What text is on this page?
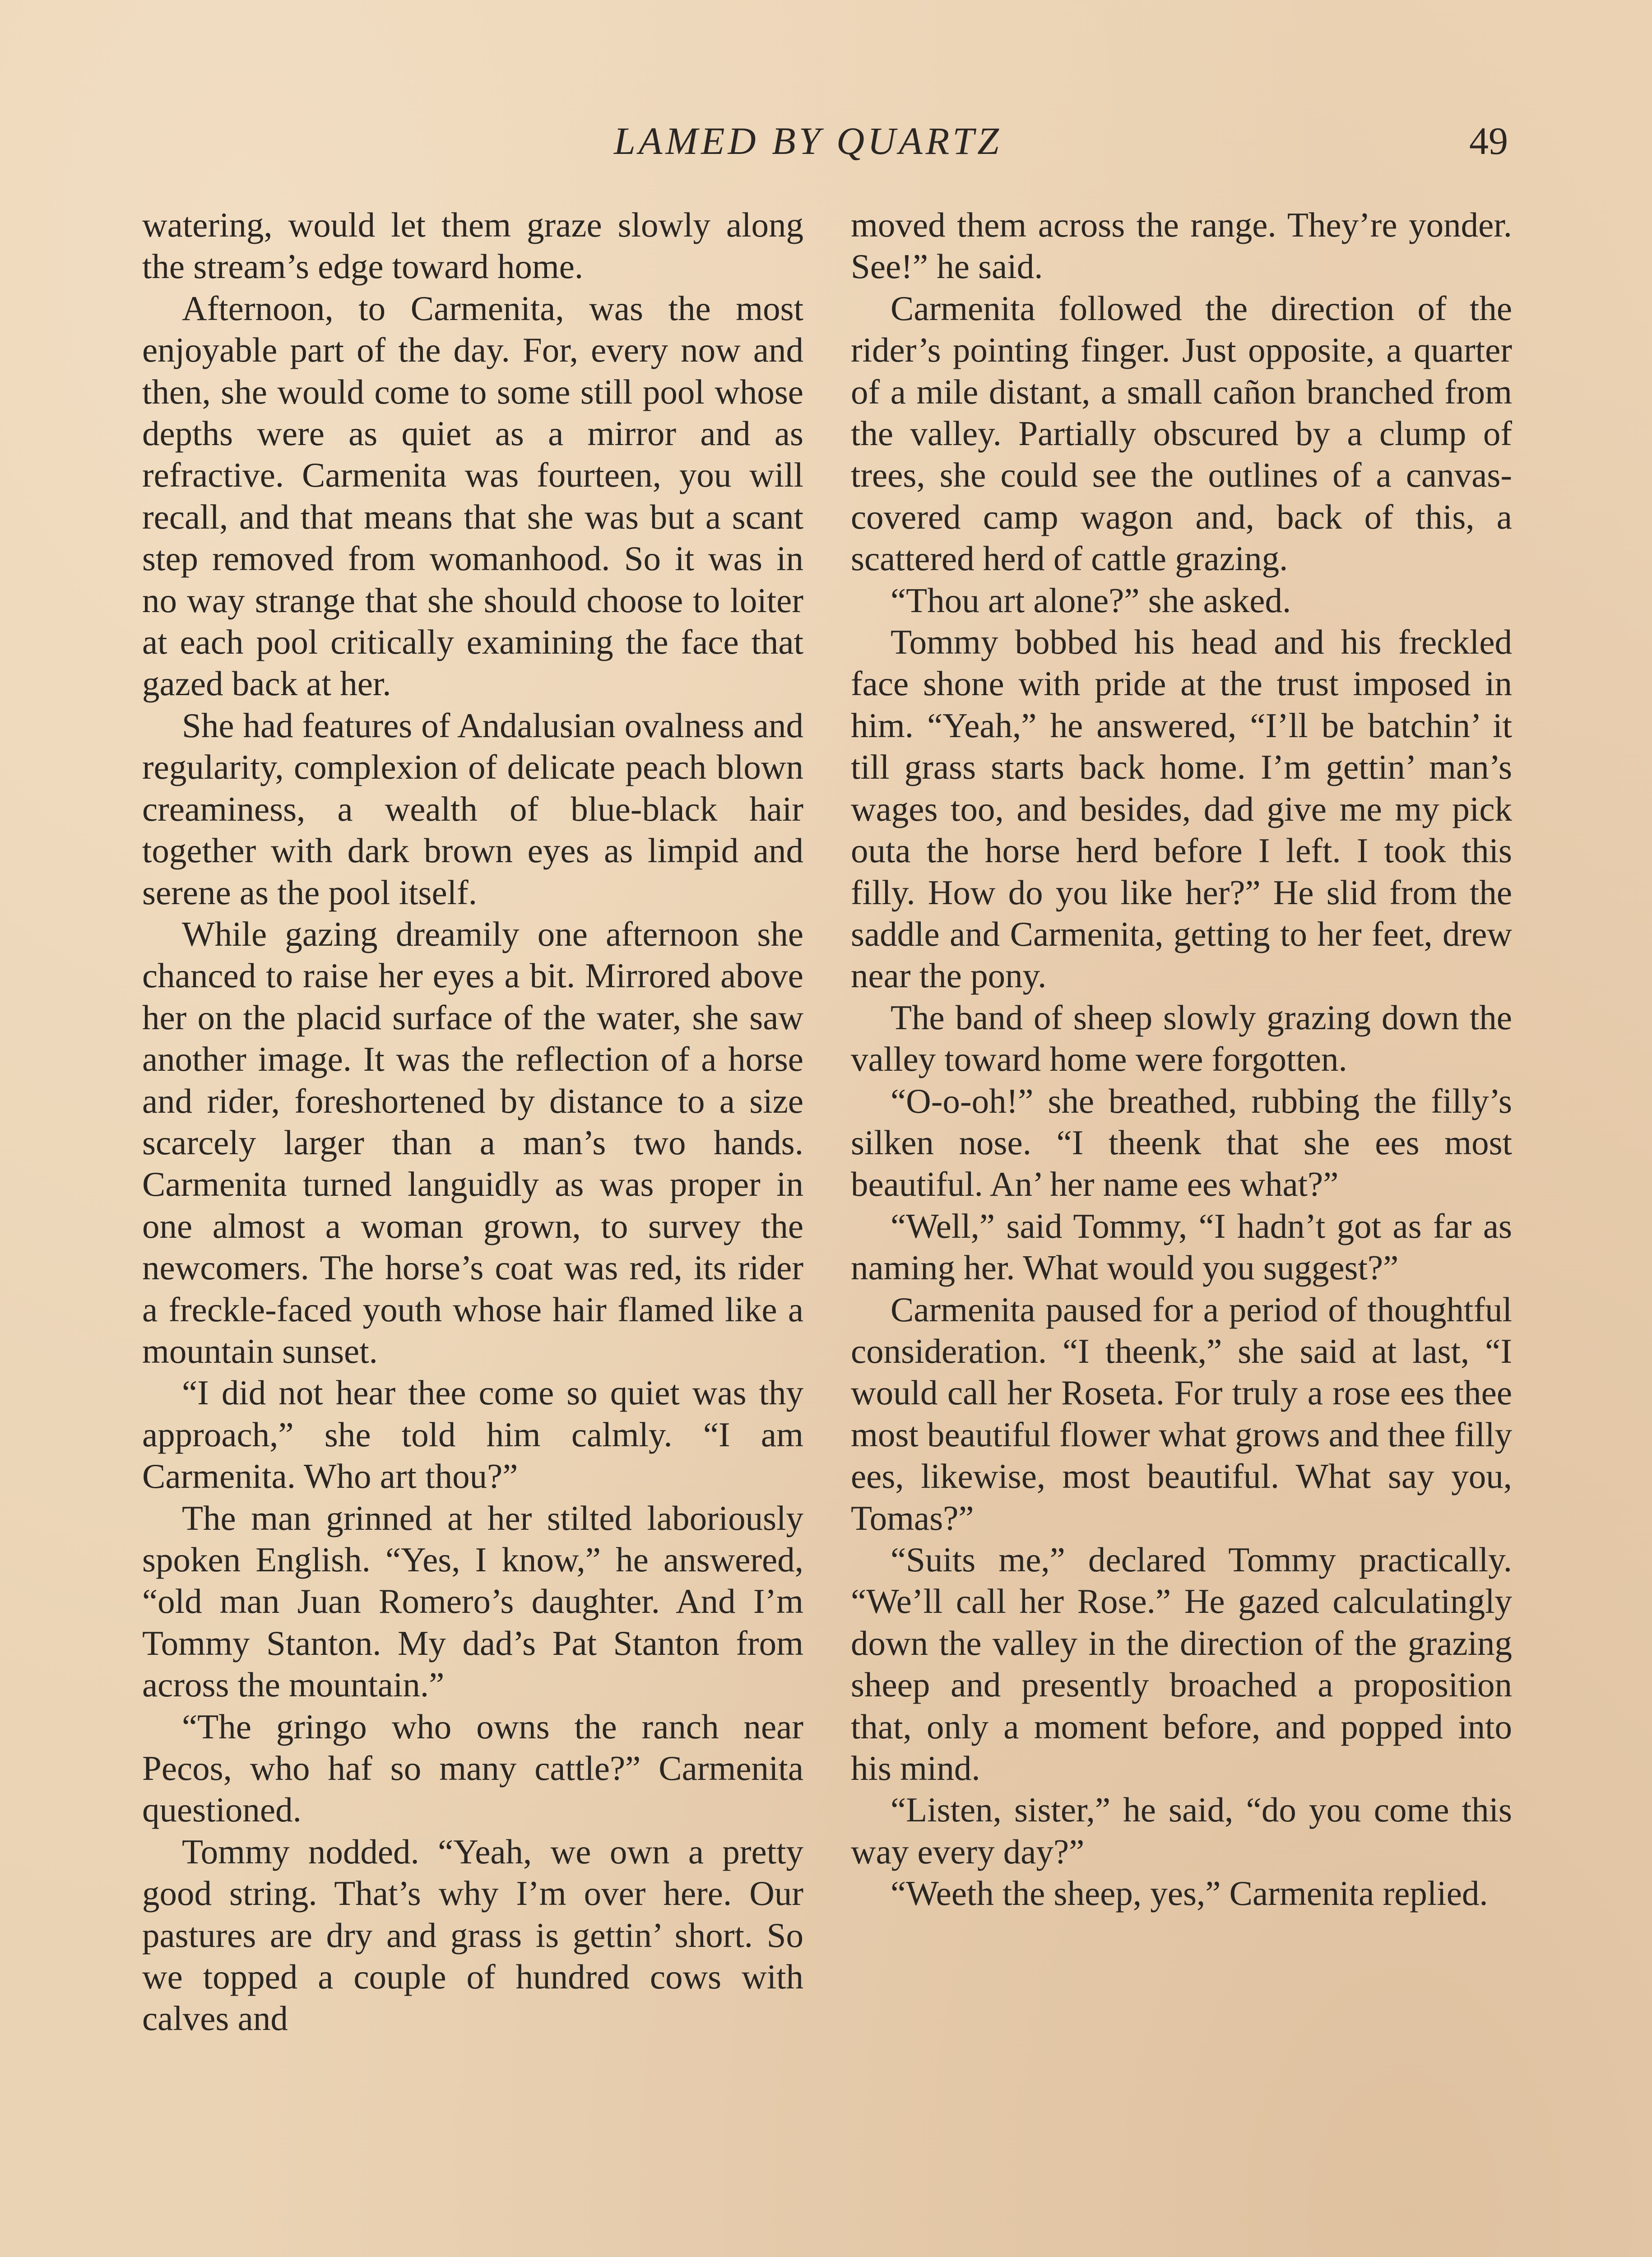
LAMED BY QUARTZ	49

watering, would let them graze slowly along the stream’s edge toward home.

Afternoon, to Carmenita, was the most enjoyable part of the day. For, every now and then, she would come to some still pool whose depths were as quiet as a mirror and as refractive. Carmenita was fourteen, you will recall, and that means that she was but a scant step removed from womanhood. So it was in no way strange that she should choose to loiter at each pool critically examining the face that gazed back at her.

She had features of Andalusian ovalness and regularity, complexion of delicate peach blown creaminess, a wealth of blue-black hair together with dark brown eyes as limpid and serene as the pool itself.

While gazing dreamily one afternoon she chanced to raise her eyes a bit. Mirrored above her on the placid surface of the water, she saw another image. It was the reflection of a horse and rider, foreshortened by distance to a size scarcely larger than a man’s two hands. Carmenita turned languidly as was proper in one almost a woman grown, to survey the newcomers. The horse’s coat was red, its rider a freckle-faced youth whose hair flamed like a mountain sunset.

“I did not hear thee come so quiet was thy approach,” she told him calmly. “I am Carmenita. Who art thou?”

The man grinned at her stilted laboriously spoken English. “Yes, I know,” he answered, “old man Juan Romero’s daughter. And I’m Tommy Stanton. My dad’s Pat Stanton from across the mountain.”

“The gringo who owns the ranch near Pecos, who haf so many cattle?” Carmenita questioned.

Tommy nodded. “Yeah, we own a pretty good string. That’s why I’m over here. Our pastures are dry and grass is gettin’ short. So we topped a couple of hundred cows with calves and

moved them across the range. They’re yonder. See!” he said.

Carmenita followed the direction of the rider’s pointing finger. Just opposite, a quarter of a mile distant, a small cañon branched from the valley. Partially obscured by a clump of trees, she could see the outlines of a canvas-covered camp wagon and, back of this, a scattered herd of cattle grazing.

“Thou art alone?” she asked.

Tommy bobbed his head and his freckled face shone with pride at the trust imposed in him. “Yeah,” he answered, “I’ll be batchin’ it till grass starts back home. I’m gettin’ man’s wages too, and besides, dad give me my pick outa the horse herd before I left. I took this filly. How do you like her?” He slid from the saddle and Carmenita, getting to her feet, drew near the pony.

The band of sheep slowly grazing down the valley toward home were forgotten.

“O-o-oh!” she breathed, rubbing the filly’s silken nose. “I theenk that she ees most beautiful. An’ her name ees what?”

“Well,” said Tommy, “I hadn’t got as far as naming her. What would you suggest?”

Carmenita paused for a period of thoughtful consideration. “I theenk,” she said at last, “I would call her Roseta. For truly a rose ees thee most beautiful flower what grows and thee filly ees, likewise, most beautiful. What say you, Tomas?”

“Suits me,” declared Tommy practically. “We’ll call her Rose.” He gazed calculatingly down the valley in the direction of the grazing sheep and presently broached a proposition that, only a moment before, and popped into his mind.

“Listen, sister,” he said, “do you come this way every day?”

“Weeth the sheep, yes,” Carmenita replied.
